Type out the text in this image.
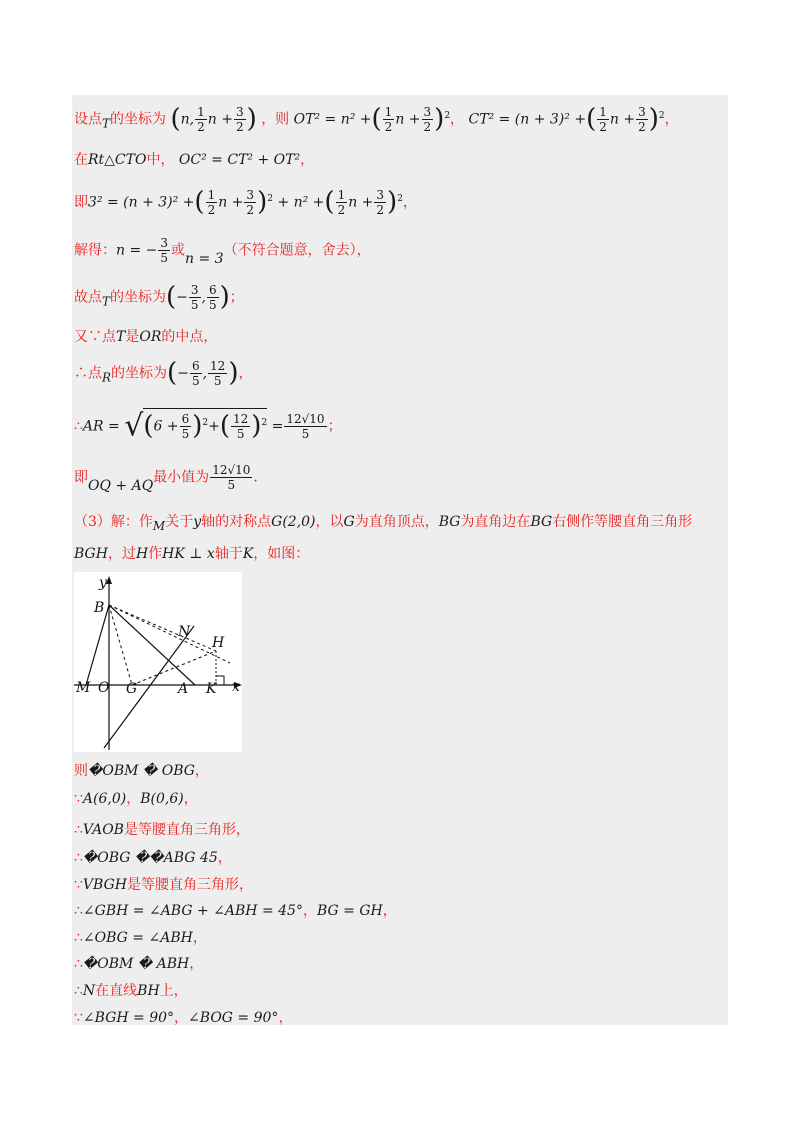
设点$_T$的坐标为 (n, $\frac{1}{2}$ $n + \frac{3}{2}$ ) ，则 OT² = n² +( $\frac{1}{2}$ $n + \frac{3}{2} )^2$， CT² = (n + 3)² +( $\frac{1}{2}$ $n + \frac{3}{2} )^2$，
在Rt△CTO中， OC² = CT² + OT²，
即3² = (n + 3)² +( $\frac{1}{2}$ $n + \frac{3}{2} )^2 + n^2$ +( $\frac{1}{2}$ $n + \frac{3}{2} )^2$，
解得：n = − $\frac{3}{5}$ 或n = 3（不符合题意，舍去），
故点$_T$的坐标为(− $\frac{3}{5}$ , $\frac{6}{5}$ )；
又∵点T是OR的中点，
∴点$_R$的坐标为(− $\frac{6}{5}$ , $\frac{12}{5}$ )，
∴AR = $√(6 + \frac{6}{5} )^2+( \frac{12}{5} )^2 = \frac{12√10}{5}$ ；
即OQ + AQ最小值为 $\frac{12√10}{5}$ ．
（3）解：作$_M$关于y轴的对称点G(2,0)，以G为直角顶点，BG为直角边在BG右侧作等腰直角三角形
BGH，过H作HK ⊥ x轴于K，如图：
y
B
N
H
M O G	A K x
则�OBM � OBG，
∵A(6,0)，B(0,6)，
∴VAOB是等腰直角三角形，
∴�OBG ��ABG 45，
∵VBGH是等腰直角三角形，
∴∠GBH = ∠ABG + ∠ABH = 45°，BG = GH，
∴∠OBG = ∠ABH，
∴�OBM � ABH，
∴N在直线BH上，
∵∠BGH = 90°，∠BOG = 90°，
